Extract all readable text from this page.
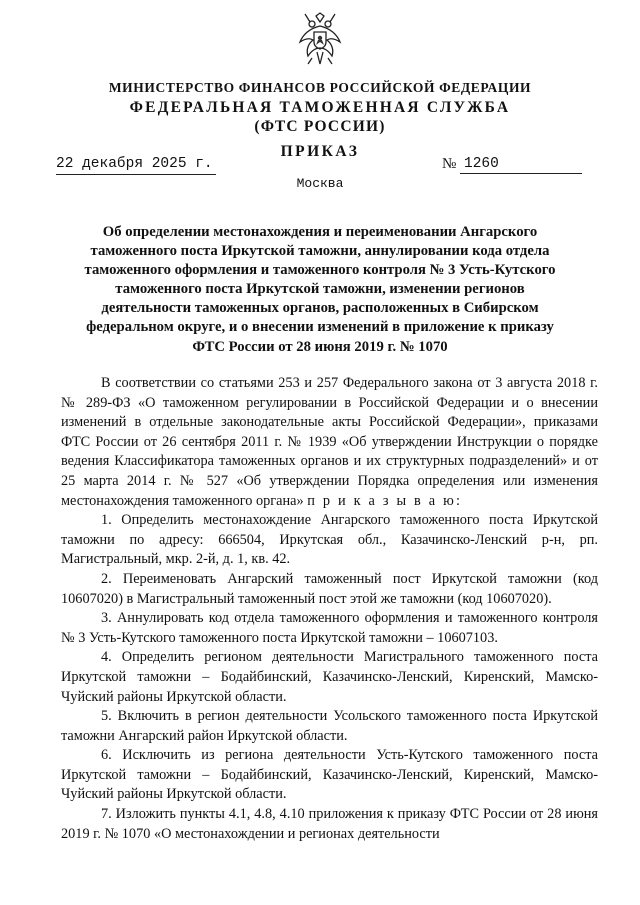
МИНИСТЕРСТВО ФИНАНСОВ РОССИЙСКОЙ ФЕДЕРАЦИИ
ФЕДЕРАЛЬНАЯ ТАМОЖЕННАЯ СЛУЖБА
(ФТС РОССИИ)
ПРИКАЗ
22 декабря 2025 г.	№ 1260
Москва

Об определении местонахождения и переименовании Ангарского таможенного поста Иркутской таможни, аннулировании кода отдела таможенного оформления и таможенного контроля № 3 Усть-Кутского таможенного поста Иркутской таможни, изменении регионов деятельности таможенных органов, расположенных в Сибирском федеральном округе, и о внесении изменений в приложение к приказу ФТС России от 28 июня 2019 г. № 1070

В соответствии со статьями 253 и 257 Федерального закона от 3 августа 2018 г. № 289-ФЗ «О таможенном регулировании в Российской Федерации и о внесении изменений в отдельные законодательные акты Российской Федерации», приказами ФТС России от 26 сентября 2011 г. № 1939 «Об утверждении Инструкции о порядке ведения Классификатора таможенных органов и их структурных подразделений» и от 25 марта 2014 г. № 527 «Об утверждении Порядка определения или изменения местонахождения таможенного органа» п р и к а з ы в а ю:

1. Определить местонахождение Ангарского таможенного поста Иркутской таможни по адресу: 666504, Иркутская обл., Казачинско-Ленский р-н, рп. Магистральный, мкр. 2-й, д. 1, кв. 42.

2. Переименовать Ангарский таможенный пост Иркутской таможни (код 10607020) в Магистральный таможенный пост этой же таможни (код 10607020).

3. Аннулировать код отдела таможенного оформления и таможенного контроля № 3 Усть-Кутского таможенного поста Иркутской таможни – 10607103.

4. Определить регионом деятельности Магистрального таможенного поста Иркутской таможни – Бодайбинский, Казачинско-Ленский, Киренский, Мамско-Чуйский районы Иркутской области.

5. Включить в регион деятельности Усольского таможенного поста Иркутской таможни Ангарский район Иркутской области.

6. Исключить из региона деятельности Усть-Кутского таможенного поста Иркутской таможни – Бодайбинский, Казачинско-Ленский, Киренский, Мамско-Чуйский районы Иркутской области.

7. Изложить пункты 4.1, 4.8, 4.10 приложения к приказу ФТС России от 28 июня 2019 г. № 1070 «О местонахождении и регионах деятельности
